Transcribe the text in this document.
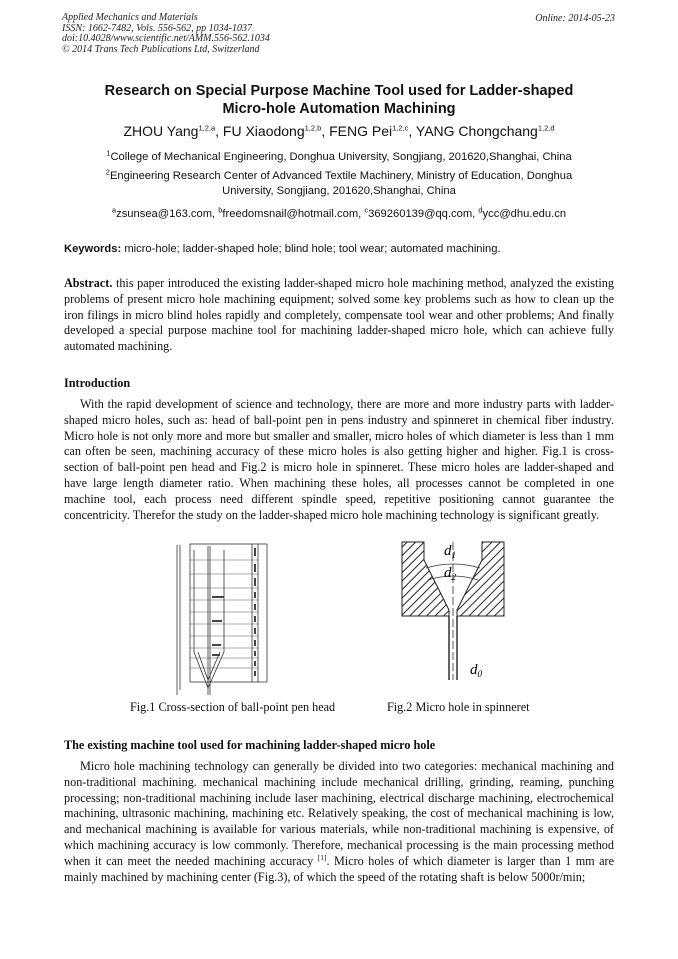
Applied Mechanics and Materials
ISSN: 1662-7482, Vols. 556-562, pp 1034-1037
doi:10.4028/www.scientific.net/AMM.556-562.1034
© 2014 Trans Tech Publications Ltd, Switzerland
Online: 2014-05-23
Research on Special Purpose Machine Tool used for Ladder-shaped
Micro-hole Automation Machining
ZHOU Yang$^{1,2,a}$, FU Xiaodong$^{1,2,b}$, FENG Pei$^{1,2,c}$, YANG Chongchang$^{1,2,d}$
$^1$College of Mechanical Engineering, Donghua University, Songjiang, 201620,Shanghai, China
$^2$Engineering Research Center of Advanced Textile Machinery, Ministry of Education, Donghua
University, Songjiang, 201620,Shanghai, China
$^a$zsunsea@163.com, $^b$freedomsnail@hotmail.com, $^c$369260139@qq.com, $^d$ycc@dhu.edu.cn
Keywords: micro-hole; ladder-shaped hole; blind hole; tool wear; automated machining.
Abstract. this paper introduced the existing ladder-shaped micro hole machining method, analyzed the existing problems of present micro hole machining equipment; solved some key problems such as how to clean up the iron filings in micro blind holes rapidly and completely, compensate tool wear and other problems; And finally developed a special purpose machine tool for machining ladder-shaped micro hole, which can achieve fully automated machining.
Introduction
With the rapid development of science and technology, there are more and more industry parts with ladder-shaped micro holes, such as: head of ball-point pen in pens industry and spinneret in chemical fiber industry. Micro hole is not only more and more but smaller and smaller, micro holes of which diameter is less than 1 mm can often be seen, machining accuracy of these micro holes is also getting higher and higher. Fig.1 is cross-section of ball-point pen head and Fig.2 is micro hole in spinneret. These micro holes are ladder-shaped and have large length diameter ratio. When machining these holes, all processes cannot be completed in one machine tool, each process need different spindle speed, repetitive positioning cannot guarantee the concentricity. Therefor the study on the ladder-shaped micro hole machining technology is significant greatly.
$d_1$
$d_2$
$d_0$
Fig.1 Cross-section of ball-point pen head	Fig.2 Micro hole in spinneret
The existing machine tool used for machining ladder-shaped micro hole
Micro hole machining technology can generally be divided into two categories: mechanical machining and non-traditional machining. mechanical machining include mechanical drilling, grinding, reaming, punching processing; non-traditional machining include laser machining, electrical discharge machining, electrochemical machining, ultrasonic machining, machining etc. Relatively speaking, the cost of mechanical machining is low, and mechanical machining is available for various materials, while non-traditional machining is expensive, of which machining accuracy is low commonly. Therefore, mechanical processing is the main processing method when it can meet the needed machining accuracy [1]. Micro holes of which diameter is larger than 1 mm are mainly machined by machining center (Fig.3), of which the speed of the rotating shaft is below 5000r/min;
